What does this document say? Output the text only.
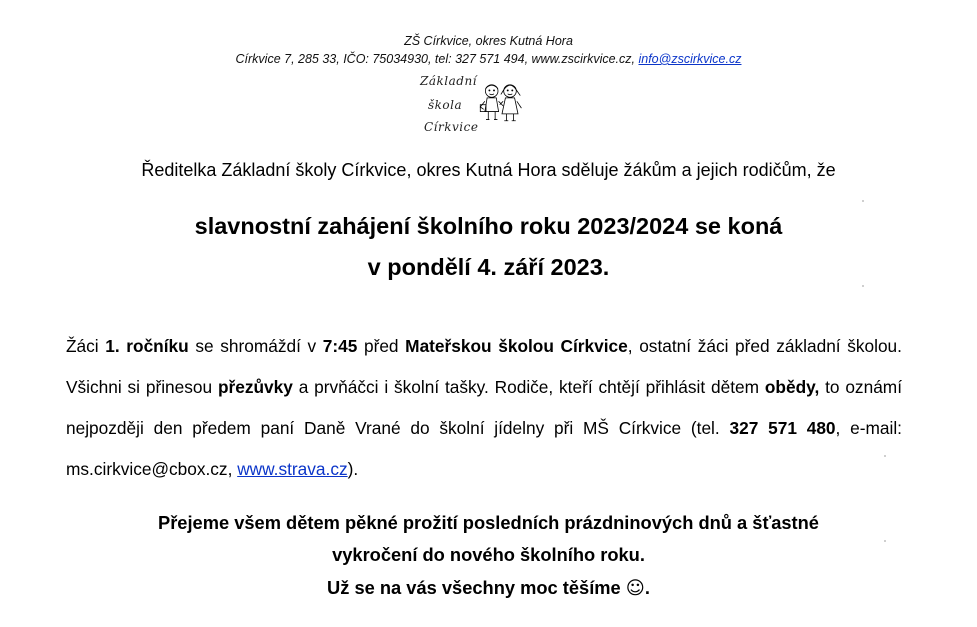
ZŠ Církvice, okres Kutná Hora
Církvice 7, 285 33, IČO: 75034930, tel: 327 571 494, www.zscirkvice.cz, info@zscirkvice.cz
Základní
škola
Církvice
Ředitelka Základní školy Církvice, okres Kutná Hora sděluje žákům a jejich rodičům, že
slavnostní zahájení školního roku 2023/2024 se koná
v pondělí 4. září 2023.
Žáci 1. ročníku se shromáždí v 7:45 před Mateřskou školou Církvice, ostatní žáci před základní školou. Všichni si přinesou přezůvky a prvňáčci i školní tašky. Rodiče, kteří chtějí přihlásit dětem obědy, to oznámí nejpozději den předem paní Daně Vrané do školní jídelny při MŠ Církvice (tel. 327 571 480, e-mail: ms.cirkvice@cbox.cz, www.strava.cz).
Přejeme všem dětem pěkné prožití posledních prázdninových dnů a šťastné
vykročení do nového školního roku.
Už se na vás všechny moc těšíme ☺.
